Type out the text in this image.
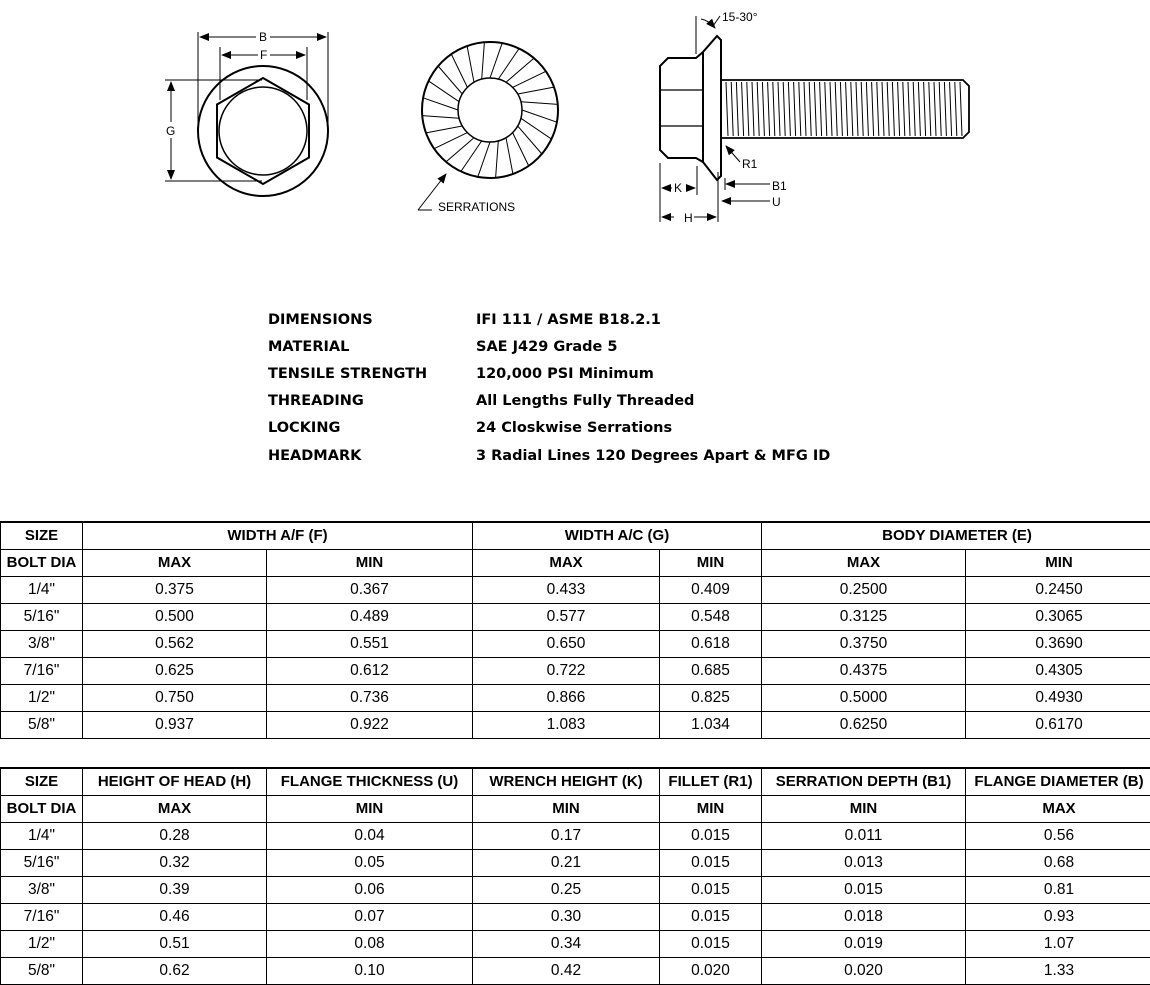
B
F
G
SERRATIONS
15-30°
R1
K
H
B1
U
DIMENSIONS	IFI 111 / ASME B18.2.1
MATERIAL	SAE J429 Grade 5
TENSILE STRENGTH	120,000 PSI Minimum
THREADING	All Lengths Fully Threaded
LOCKING	24 Closkwise Serrations
HEADMARK	3 Radial Lines 120 Degrees Apart & MFG ID
SIZE	WIDTH A/F (F)		WIDTH A/C (G)		BODY DIAMETER (E)	
BOLT DIA	MAX	MIN	MAX	MIN	MAX	MIN
1/4"	0.375	0.367	0.433	0.409	0.2500	0.2450
5/16"	0.500	0.489	0.577	0.548	0.3125	0.3065
3/8"	0.562	0.551	0.650	0.618	0.3750	0.3690
7/16"	0.625	0.612	0.722	0.685	0.4375	0.4305
1/2"	0.750	0.736	0.866	0.825	0.5000	0.4930
5/8"	0.937	0.922	1.083	1.034	0.6250	0.6170
SIZE	HEIGHT OF HEAD (H)	FLANGE THICKNESS (U)	WRENCH HEIGHT (K)	FILLET (R1)	SERRATION DEPTH (B1)	FLANGE DIAMETER (B)
BOLT DIA	MAX	MIN	MIN	MIN	MIN	MAX
1/4"	0.28	0.04	0.17	0.015	0.011	0.56
5/16"	0.32	0.05	0.21	0.015	0.013	0.68
3/8"	0.39	0.06	0.25	0.015	0.015	0.81
7/16"	0.46	0.07	0.30	0.015	0.018	0.93
1/2"	0.51	0.08	0.34	0.015	0.019	1.07
5/8"	0.62	0.10	0.42	0.020	0.020	1.33
